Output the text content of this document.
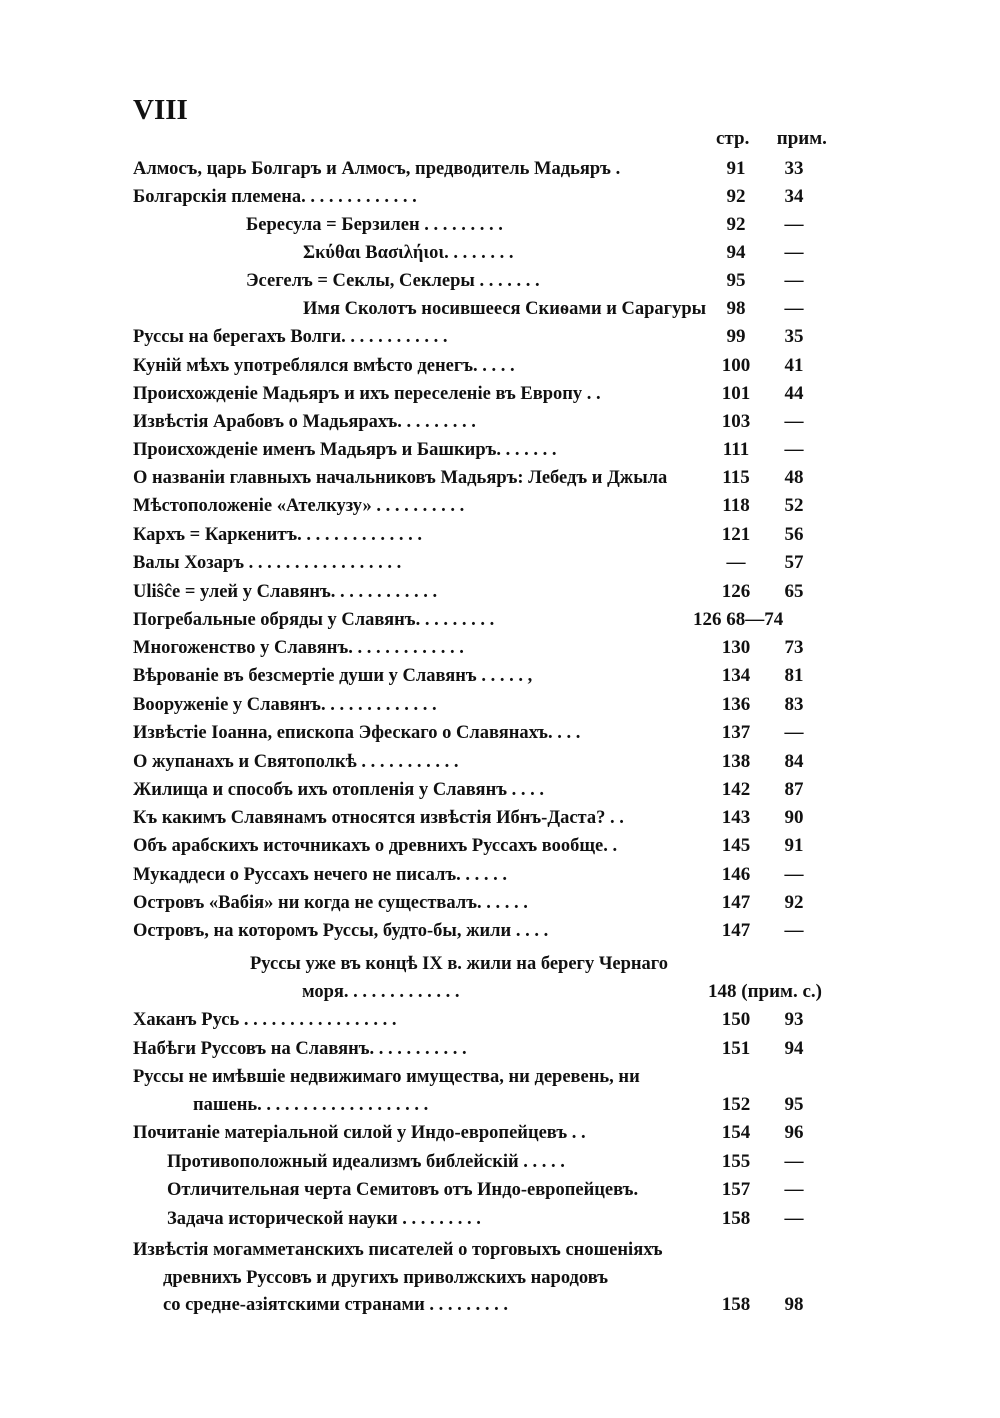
VIII
стр. прим.
Алмосъ, царь Болгаръ и Алмосъ, предводитель Мадьяръ .	91	33
Болгарскія племена. . . . . . . . . . . . .	92	34
Бересула = Берзилен . . . . . . . . .	92	—
Σκύθαι Βασιλήιοι. . . . . . . .	94	—
Эсегелъ = Секлы, Секлеры . . . . . . .	95	—
Имя Сколотъ носившееся Скиѳами и Сарагуры	98	—
Руссы на берегахъ Волги. . . . . . . . . . . .	99	35
Куній мѣхъ употреблялся вмѣсто денегъ. . . . .	100	41
Происхожденіе Мадьяръ и ихъ переселеніе въ Европу . .	101	44
Извѣстія Арабовъ о Мадьярахъ. . . . . . . . .	103	—
Происхожденіе именъ Мадьяръ и Башкиръ. . . . . . .	111	—
О названіи главныхъ начальниковъ Мадьяръ: Лебедъ и Джыла	115	48
Мѣстоположеніе «Ателкузу» . . . . . . . . . .	118	52
Кархъ = Каркенитъ. . . . . . . . . . . . . .	121	56
Валы Хозаръ . . . . . . . . . . . . . . . . .	—	57
Uliŝĉe = улей у Славянъ. . . . . . . . . . . .	126	65
Погребальные обряды у Славянъ. . . . . . . . .	126 68—74
Многоженство у Славянъ. . . . . . . . . . . . .	130	73
Вѣрованіе въ безсмертіе души у Славянъ . . . . . ,	134	81
Вооруженіе у Славянъ. . . . . . . . . . . . .	136	83
Извѣстіе Іоанна, епископа Эфескаго о Славянахъ. . . .	137	—
О жупанахъ и Святополкѣ . . . . . . . . . . .	138	84
Жилища и способъ ихъ отопленія у Славянъ . . . .	142	87
Къ какимъ Славянамъ относятся извѣстія Ибнъ-Даста? . .	143	90
Объ арабскихъ источникахъ о древнихъ Руссахъ вообще. .	145	91
Мукаддеси о Руссахъ нечего не писалъ. . . . . .	146	—
Островъ «Вабія» ни когда не существалъ. . . . . .	147	92
Островъ, на которомъ Руссы, будто-бы, жили . . . .	147	—
Руссы уже въ концѣ IX в. жили на берегу Чернаго
моря. . . . . . . . . . . . .	148 (прим. с.)
Хаканъ Русь . . . . . . . . . . . . . . . . .	150	93
Набѣги Руссовъ на Славянъ. . . . . . . . . . .	151	94
Руссы не имѣвшіе недвижимаго имущества, ни деревень, ни
пашень. . . . . . . . . . . . . . . . . . .	152	95
Почитаніе матеріальной силой у Индо-европейцевъ . .	154	96
Противоположный идеализмъ библейскій . . . . .	155	—
Отличительная черта Семитовъ отъ Индо-европейцевъ.	157	—
Задача исторической науки . . . . . . . . .	158	—
Извѣстія могамметанскихъ писателей о торговыхъ сношеніяхъ
древнихъ Руссовъ и другихъ приволжскихъ народовъ
со средне-азіятскими странами . . . . . . . . .	158	98
